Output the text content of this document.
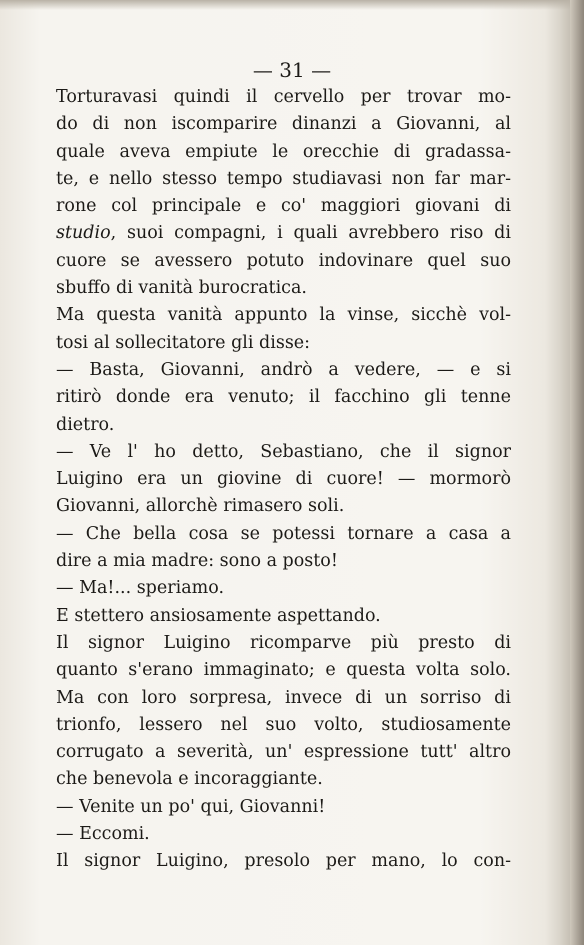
— 31 —
Torturavasi quindi il cervello per trovar mo-
do di non iscomparire dinanzi a Giovanni, al
quale aveva empiute le orecchie di gradassa-
te, e nello stesso tempo studiavasi non far mar-
rone col principale e co' maggiori giovani di
studio, suoi compagni, i quali avrebbero riso di
cuore se avessero potuto indovinare quel suo
sbuffo di vanità burocratica.
Ma questa vanità appunto la vinse, sicchè vol-
tosi al sollecitatore gli disse:
— Basta, Giovanni, andrò a vedere, — e si
ritirò donde era venuto; il facchino gli tenne
dietro.
— Ve l' ho detto, Sebastiano, che il signor
Luigino era un giovine di cuore! — mormorò
Giovanni, allorchè rimasero soli.
— Che bella cosa se potessi tornare a casa a
dire a mia madre: sono a posto!
— Ma!... speriamo.
E stettero ansiosamente aspettando.
Il signor Luigino ricomparve più presto di
quanto s'erano immaginato; e questa volta solo.
Ma con loro sorpresa, invece di un sorriso di
trionfo, lessero nel suo volto, studiosamente
corrugato a severità, un' espressione tutt' altro
che benevola e incoraggiante.
— Venite un po' qui, Giovanni!
— Eccomi.
Il signor Luigino, presolo per mano, lo con-
